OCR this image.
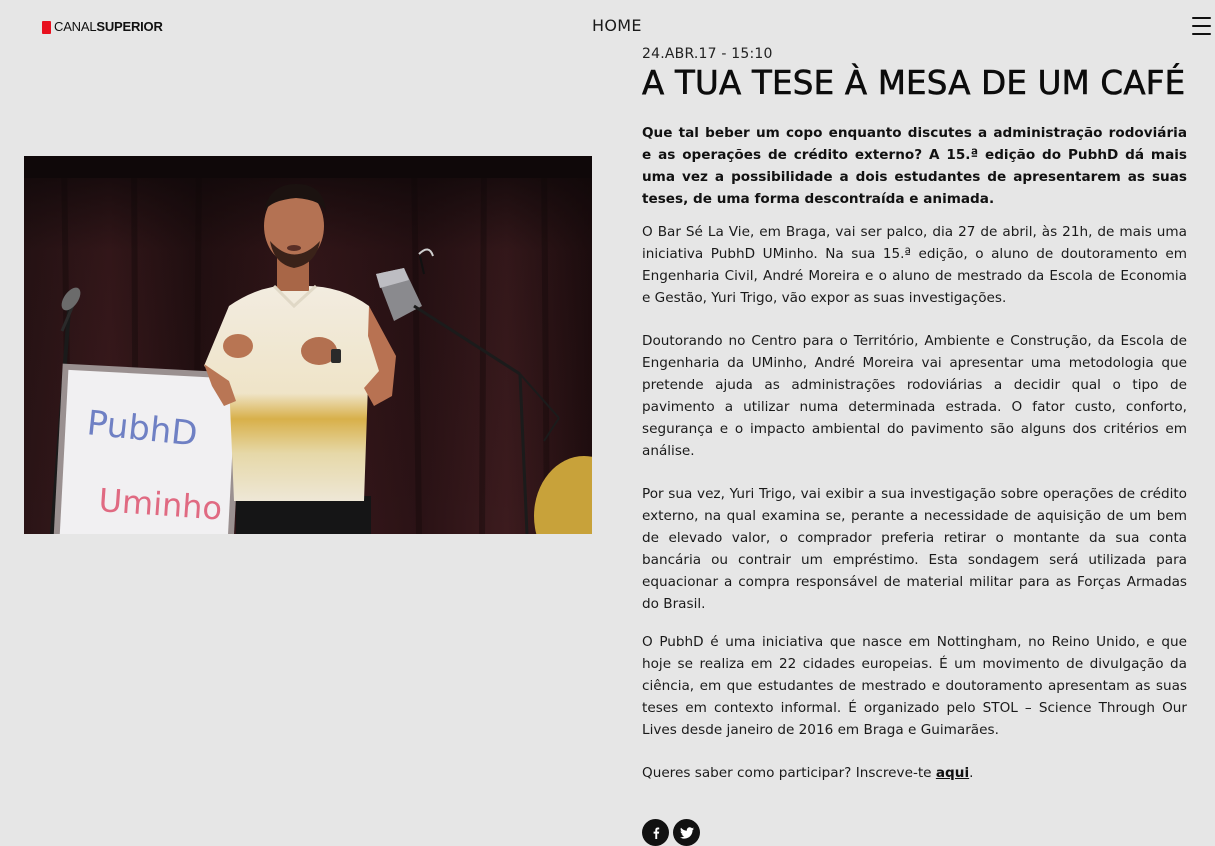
CANALSUPERIOR	HOME
PubhD
Uminho
24.ABR.17 - 15:10
A TUA TESE À MESA DE UM CAFÉ

Que tal beber um copo enquanto discutes a administração rodoviária e as operações de crédito externo? A 15.ª edição do PubhD dá mais uma vez a possibilidade a dois estudantes de apresentarem as suas teses, de uma forma descontraída e animada.

O Bar Sé La Vie, em Braga, vai ser palco, dia 27 de abril, às 21h, de mais uma iniciativa PubhD UMinho. Na sua 15.ª edição, o aluno de doutoramento em Engenharia Civil, André Moreira e o aluno de mestrado da Escola de Economia e Gestão, Yuri Trigo, vão expor as suas investigações.

Doutorando no Centro para o Território, Ambiente e Construção, da Escola de Engenharia da UMinho, André Moreira vai apresentar uma metodologia que pretende ajuda as administrações rodoviárias a decidir qual o tipo de pavimento a utilizar numa determinada estrada. O fator custo, conforto, segurança e o impacto ambiental do pavimento são alguns dos critérios em análise.

Por sua vez, Yuri Trigo, vai exibir a sua investigação sobre operações de crédito externo, na qual examina se, perante a necessidade de aquisição de um bem de elevado valor, o comprador preferia retirar o montante da sua conta bancária ou contrair um empréstimo. Esta sondagem será utilizada para equacionar a compra responsável de material militar para as Forças Armadas do Brasil.

O PubhD é uma iniciativa que nasce em Nottingham, no Reino Unido, e que hoje se realiza em 22 cidades europeias. É um movimento de divulgação da ciência, em que estudantes de mestrado e doutoramento apresentam as suas teses em contexto informal. É organizado pelo STOL – Science Through Our Lives desde janeiro de 2016 em Braga e Guimarães.

Queres saber como participar? Inscreve-te aqui.
